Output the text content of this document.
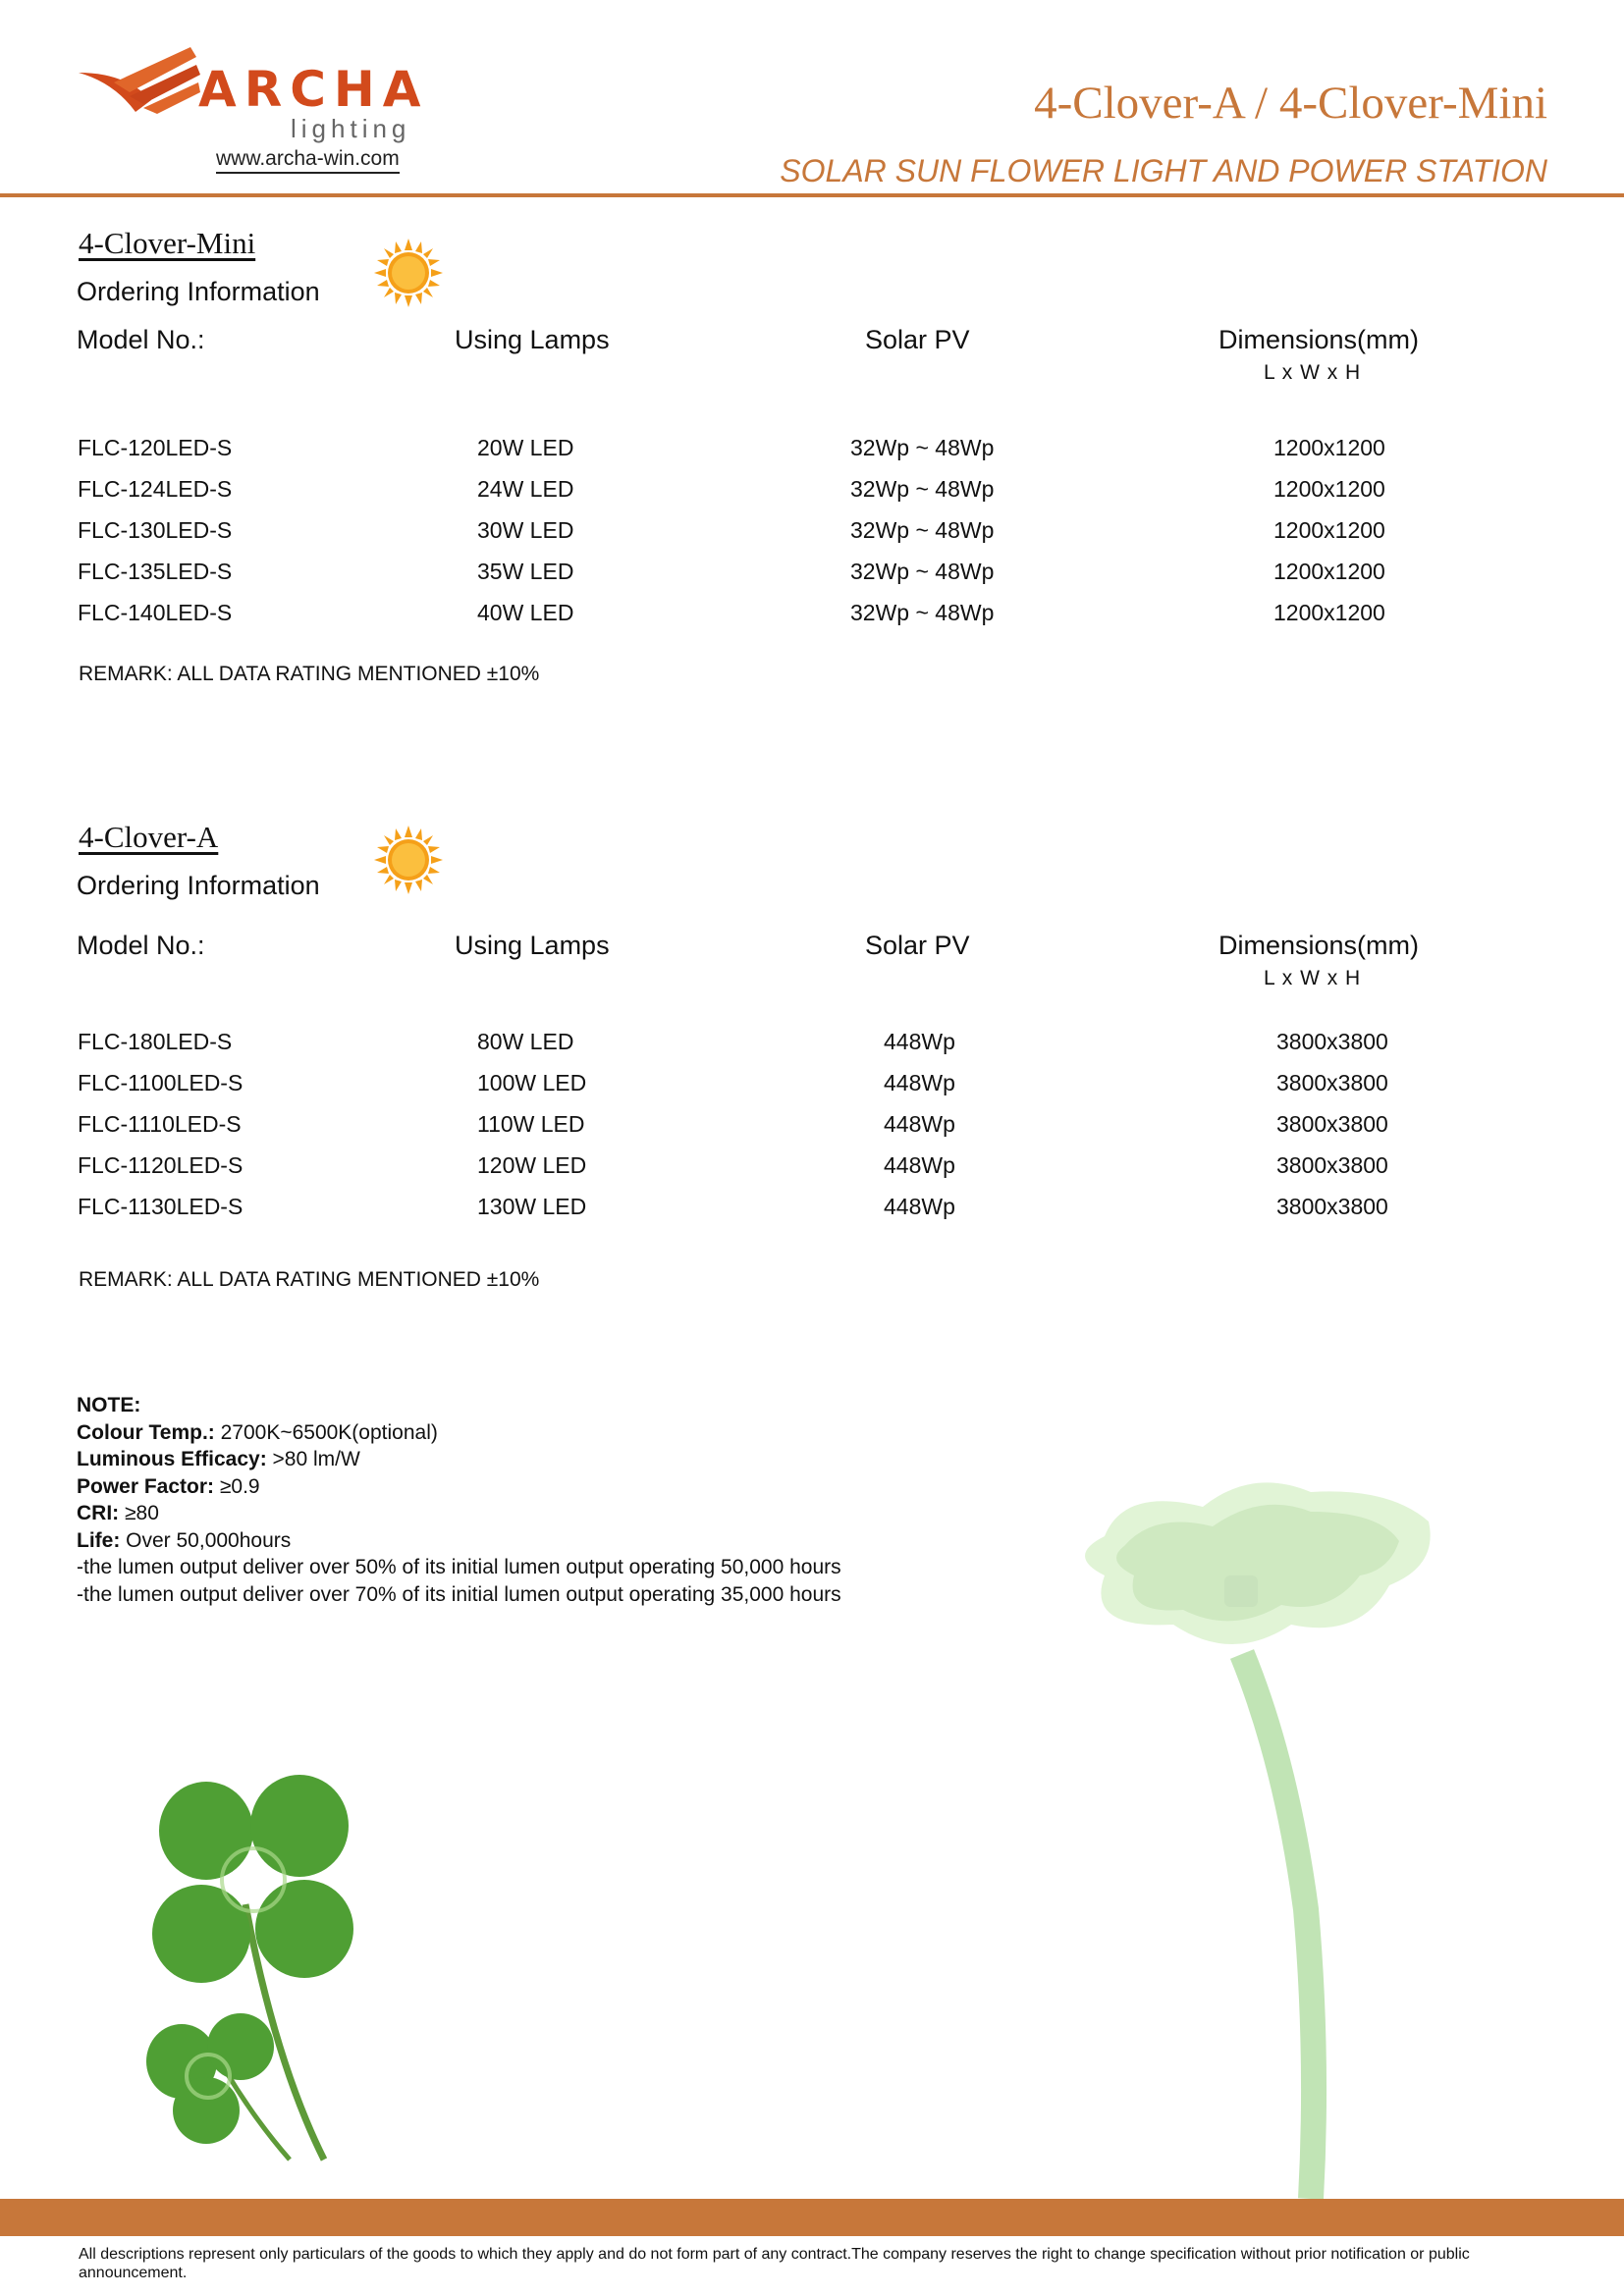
ARCHA
lighting
www.archa-win.com
4-Clover-A / 4-Clover-Mini
SOLAR SUN FLOWER LIGHT AND POWER STATION
4-Clover-Mini
Ordering Information
Model No.:	Using Lamps	Solar PV	Dimensions(mm)
L x W x H
FLC-120LED-S	20W LED	32Wp ~ 48Wp	1200x1200
FLC-124LED-S	24W LED	32Wp ~ 48Wp	1200x1200
FLC-130LED-S	30W LED	32Wp ~ 48Wp	1200x1200
FLC-135LED-S	35W LED	32Wp ~ 48Wp	1200x1200
FLC-140LED-S	40W LED	32Wp ~ 48Wp	1200x1200
REMARK: ALL DATA RATING MENTIONED ±10%
4-Clover-A
Ordering Information
Model No.:	Using Lamps	Solar PV	Dimensions(mm)
L x W x H
FLC-180LED-S	80W LED	448Wp	3800x3800
FLC-1100LED-S	100W LED	448Wp	3800x3800
FLC-1110LED-S	110W LED	448Wp	3800x3800
FLC-1120LED-S	120W LED	448Wp	3800x3800
FLC-1130LED-S	130W LED	448Wp	3800x3800
REMARK: ALL DATA RATING MENTIONED ±10%
NOTE:
Colour Temp.: 2700K~6500K(optional)
Luminous Efficacy: >80 lm/W
Power Factor: ≥0.9
CRI: ≥80
Life: Over 50,000hours
-the lumen output deliver over 50% of its initial lumen output operating 50,000 hours
-the lumen output deliver over 70% of its initial lumen output operating 35,000 hours
All descriptions represent only particulars of the goods to which they apply and do not form part of any contract.The company reserves the right to change specification without prior notification or public announcement.
